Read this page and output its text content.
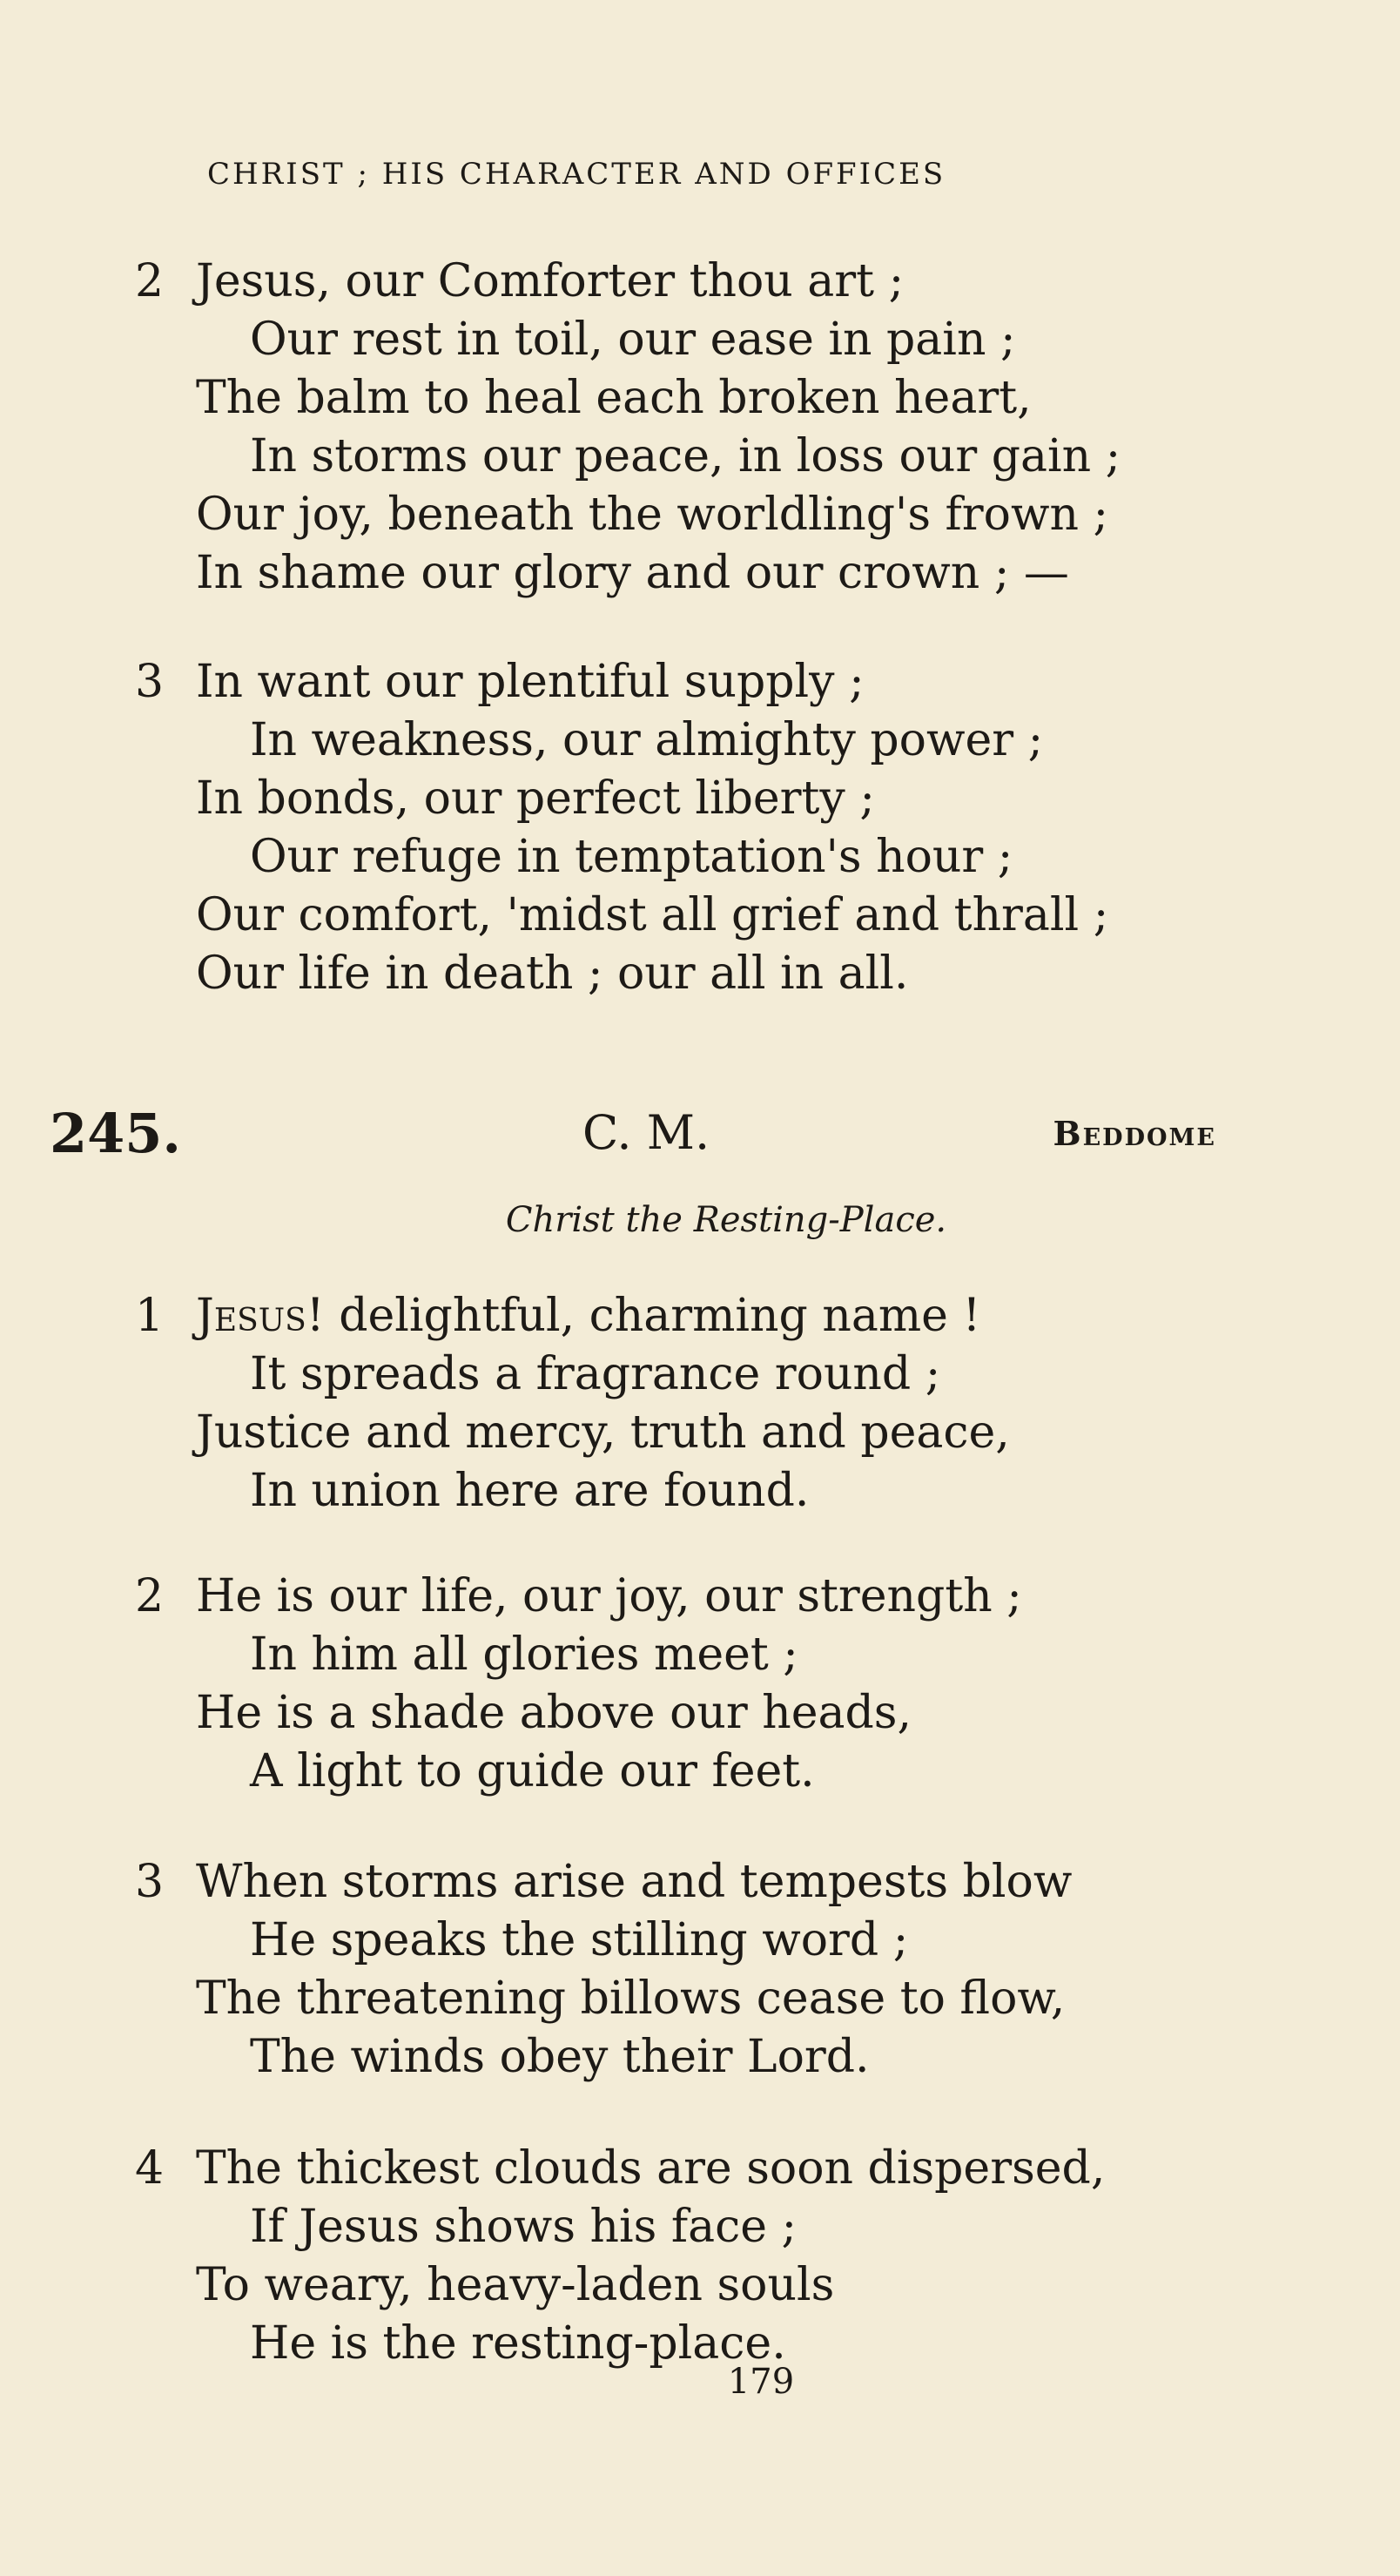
CHRIST ; HIS CHARACTER AND OFFICES
2 Jesus, our Comforter thou art ;
Our rest in toil, our ease in pain ;
The balm to heal each broken heart,
In storms our peace, in loss our gain ;
Our joy, beneath the worldling's frown ;
In shame our glory and our crown ; —
3 In want our plentiful supply ;
In weakness, our almighty power ;
In bonds, our perfect liberty ;
Our refuge in temptation's hour ;
Our comfort, 'midst all grief and thrall ;
Our life in death ; our all in all.
245.	C. M.	Beddome
Christ the Resting-Place.
1 Jesus! delightful, charming name !
It spreads a fragrance round ;
Justice and mercy, truth and peace,
In union here are found.
2 He is our life, our joy, our strength ;
In him all glories meet ;
He is a shade above our heads,
A light to guide our feet.
3 When storms arise and tempests blow
He speaks the stilling word ;
The threatening billows cease to flow,
The winds obey their Lord.
4 The thickest clouds are soon dispersed,
If Jesus shows his face ;
To weary, heavy-laden souls
He is the resting-place.
179
